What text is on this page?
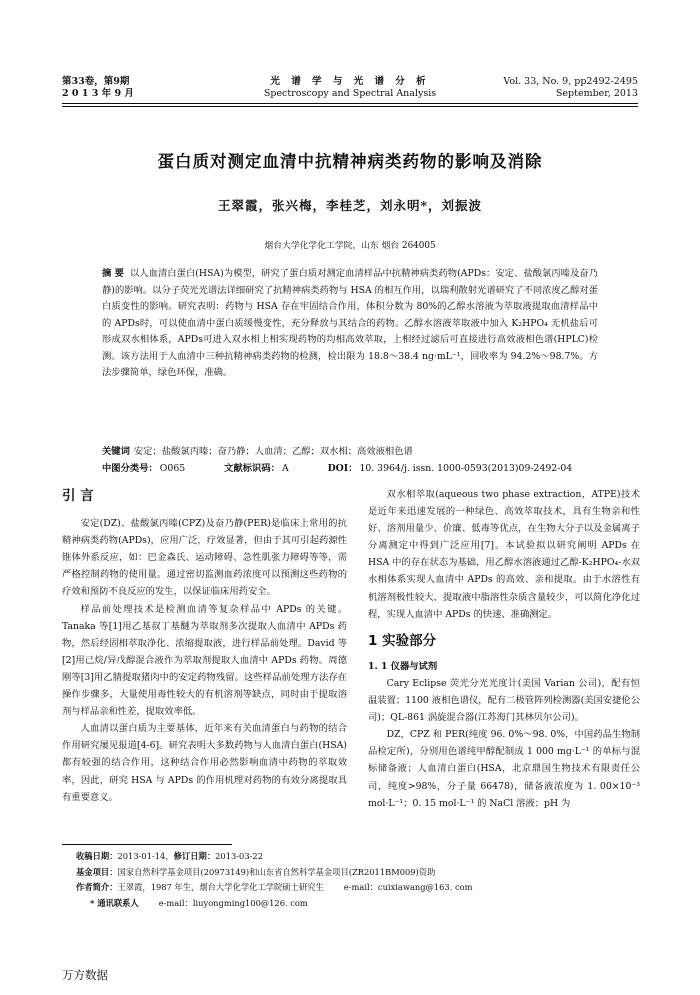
第33卷，第9期
2 0 1 3 年 9 月
光 谱 学 与 光 谱 分 析
Spectroscopy and Spectral Analysis
Vol. 33, No. 9, pp2492-2495
September, 2013
蛋白质对测定血清中抗精神病类药物的影响及消除
王翠霞，张兴梅，李桂芝，刘永明*，刘振波
烟台大学化学化工学院，山东 烟台 264005
摘 要 以人血清白蛋白(HSA)为模型，研究了蛋白质对测定血清样品中抗精神病类药物(APDs：安定、盐酸氯丙嗪及奋乃静)的影响。以分子荧光光谱法详细研究了抗精神病类药物与 HSA 的相互作用，以瑞利散射光谱研究了不同浓度乙醇对蛋白质变性的影响。研究表明：药物与 HSA 存在牢固结合作用，体积分数为 80%的乙醇水溶液为萃取液提取血清样品中的 APDs时，可以使血清中蛋白质缓慢变性，充分释放与其结合的药物。乙醇水溶液萃取液中加入 K₂HPO₄ 无机盐后可形成双水相体系，APDs可进入双水相上相实现药物的均相高效萃取，上相经过滤后可直接进行高效液相色谱(HPLC)检测。该方法用于人血清中三种抗精神病类药物的检测，检出限为 18.8～38.4 ng·mL⁻¹，回收率为 94.2%～98.7%。方法步骤简单，绿色环保，准确。
关键词 安定；盐酸氯丙嗪；奋乃静；人血清；乙醇；双水相；高效液相色谱
中图分类号： O065	文献标识码： A	DOI： 10. 3964/j. issn. 1000-0593(2013)09-2492-04

引 言

安定(DZ)、盐酸氯丙嗪(CPZ)及奋乃静(PER)是临床上常用的抗精神病类药物(APDs)，应用广泛，疗效显著，但由于其可引起药源性锥体外系反应，如：巴金森氏、运动障碍、急性肌张力障碍等等，需严格控制药物的使用量。通过密切监测血药浓度可以预测这些药物的疗效和预防不良反应的发生，以保证临床用药安全。

样品前处理技术是检测血清等复杂样品中 APDs 的关键。Tanaka 等[1]用乙基叔丁基醚为萃取剂多次提取人血清中 APDs 药物，然后经固相萃取净化、浓缩提取液，进行样品前处理。David 等[2]用己烷/异戊醇混合液作为萃取剂提取人血清中 APDs 药物。周德刚等[3]用乙腈提取猪肉中的安定药物残留。这些样品前处理方法存在操作步骤多，大量使用毒性较大的有机溶剂等缺点，同时由于提取溶剂与样品亲和性差，提取效率低。

人血清以蛋白质为主要基体，近年来有关血清蛋白与药物的结合作用研究屡见报道[4-6]。研究表明大多数药物与人血清白蛋白(HSA)都有较强的结合作用，这种结合作用必然影响血清中药物的萃取效率，因此，研究 HSA 与 APDs 的作用机理对药物的有效分离提取具有重要意义。

双水相萃取(aqueous two phase extraction，ATPE)技术是近年来迅速发展的一种绿色、高效萃取技术，具有生物亲和性好、溶剂用量少、价廉、低毒等优点，在生物大分子以及金属离子分离测定中得到广泛应用[7]。本试验拟以研究阐明 APDs 在 HSA 中的存在状态为基础，用乙醇水溶液通过乙醇-K₂HPO₄-水双水相体系实现人血清中 APDs 的高效、亲和提取。由于水溶性有机溶剂极性较大，提取液中脂溶性杂质含量较少，可以简化净化过程，实现人血清中 APDs 的快速、准确测定。

1 实验部分

1. 1 仪器与试剂

Cary Eclipse 荧光分光光度计(美国 Varian 公司)，配有恒温装置；1100 液相色谱仪，配有二极管阵列检测器(美国安捷伦公司)；QL-861 涡旋混合器(江苏海门其林贝尔公司)。

DZ，CPZ 和 PER(纯度 96. 0%～98. 0%，中国药品生物制品检定所)，分别用色谱纯甲醇配制成 1 000 mg·L⁻¹ 的单标与混标储备液；人血清白蛋白(HSA，北京鼎国生物技术有限责任公司，纯度>98%，分子量 66478)，储备液浓度为 1. 00×10⁻³ mol·L⁻¹；0. 15 mol·L⁻¹ 的 NaCl 溶液；pH 为

收稿日期：2013-01-14，修订日期：2013-03-22
基金项目：国家自然科学基金项目(20973149)和山东省自然科学基金项目(ZR2011BM009)资助
作者简介：王翠霞，1987 年生，烟台大学化学化工学院硕士研究生 e-mail：cuixiawang@163. com
* 通讯联系人 e-mail：liuyongming100@126. com
万方数据
